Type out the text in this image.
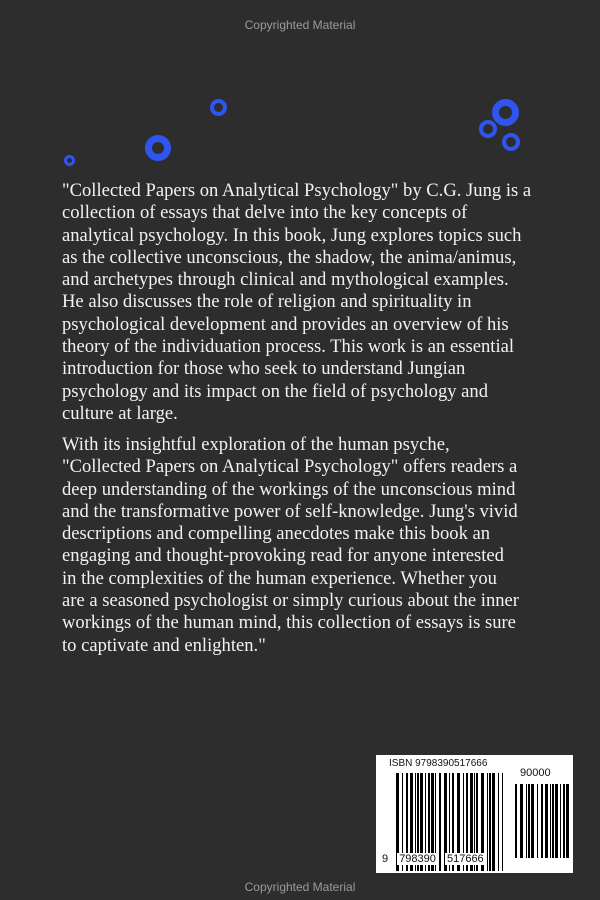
Copyrighted Material
"Collected Papers on Analytical Psychology" by C.G. Jung is a
collection of essays that delve into the key concepts of
analytical psychology. In this book, Jung explores topics such
as the collective unconscious, the shadow, the anima/animus,
and archetypes through clinical and mythological examples.
He also discusses the role of religion and spirituality in
psychological development and provides an overview of his
theory of the individuation process. This work is an essential
introduction for those who seek to understand Jungian
psychology and its impact on the field of psychology and
culture at large.
With its insightful exploration of the human psyche,
"Collected Papers on Analytical Psychology" offers readers a
deep understanding of the workings of the unconscious mind
and the transformative power of self-knowledge. Jung's vivid
descriptions and compelling anecdotes make this book an
engaging and thought-provoking read for anyone interested
in the complexities of the human experience. Whether you
are a seasoned psychologist or simply curious about the inner
workings of the human mind, this collection of essays is sure
to captivate and enlighten."
ISBN 9798390517666
90000
9 798390 517666
Copyrighted Material
